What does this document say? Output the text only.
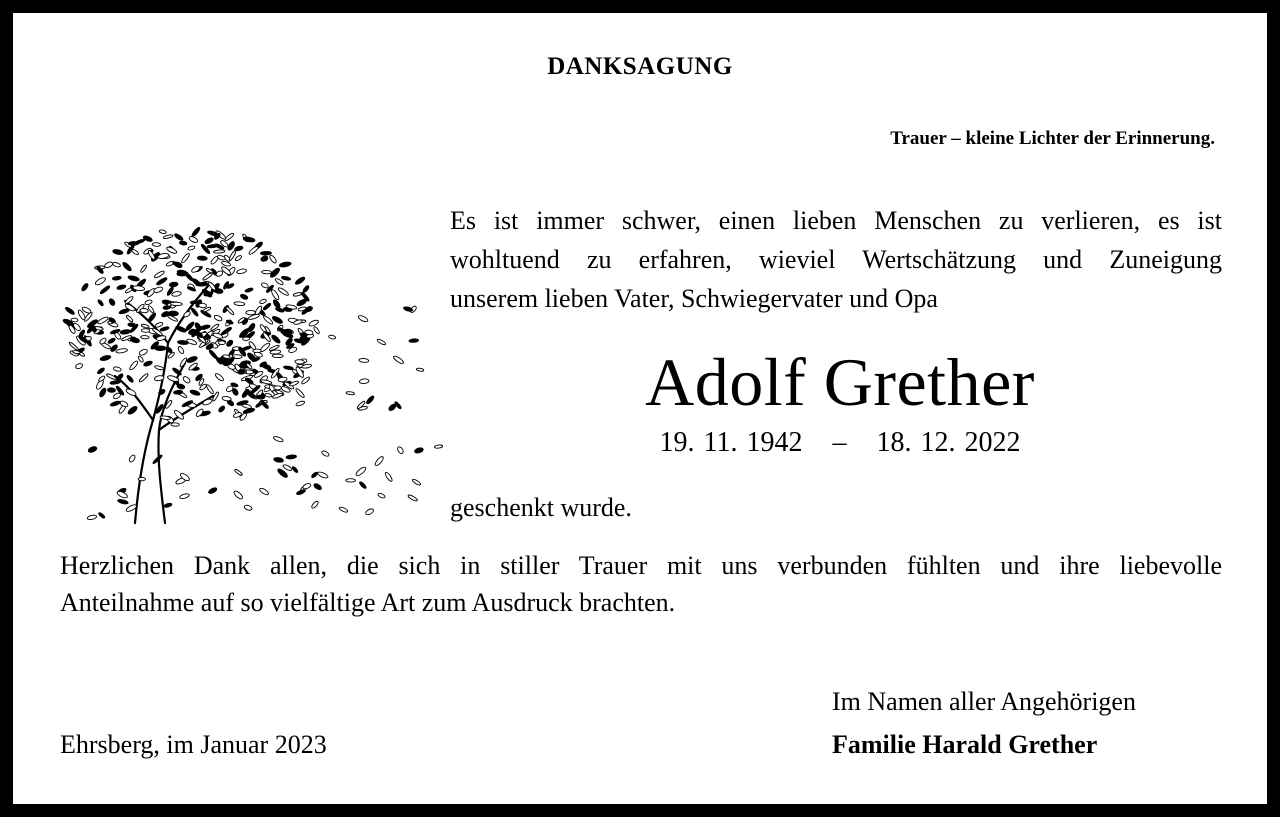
DANKSAGUNG
Trauer – kleine Lichter der Erinnerung.
Es ist immer schwer, einen lieben Menschen zu verlieren, es ist
wohltuend zu erfahren, wieviel Wertschätzung und Zuneigung
unserem lieben Vater, Schwiegervater und Opa
Adolf Grether
19. 11. 1942 – 18. 12. 2022
geschenkt wurde.
Herzlichen Dank allen, die sich in stiller Trauer mit uns verbunden fühlten und ihre liebevolle
Anteilnahme auf so vielfältige Art zum Ausdruck brachten.
Ehrsberg, im Januar 2023
Im Namen aller Angehörigen
Familie Harald Grether
